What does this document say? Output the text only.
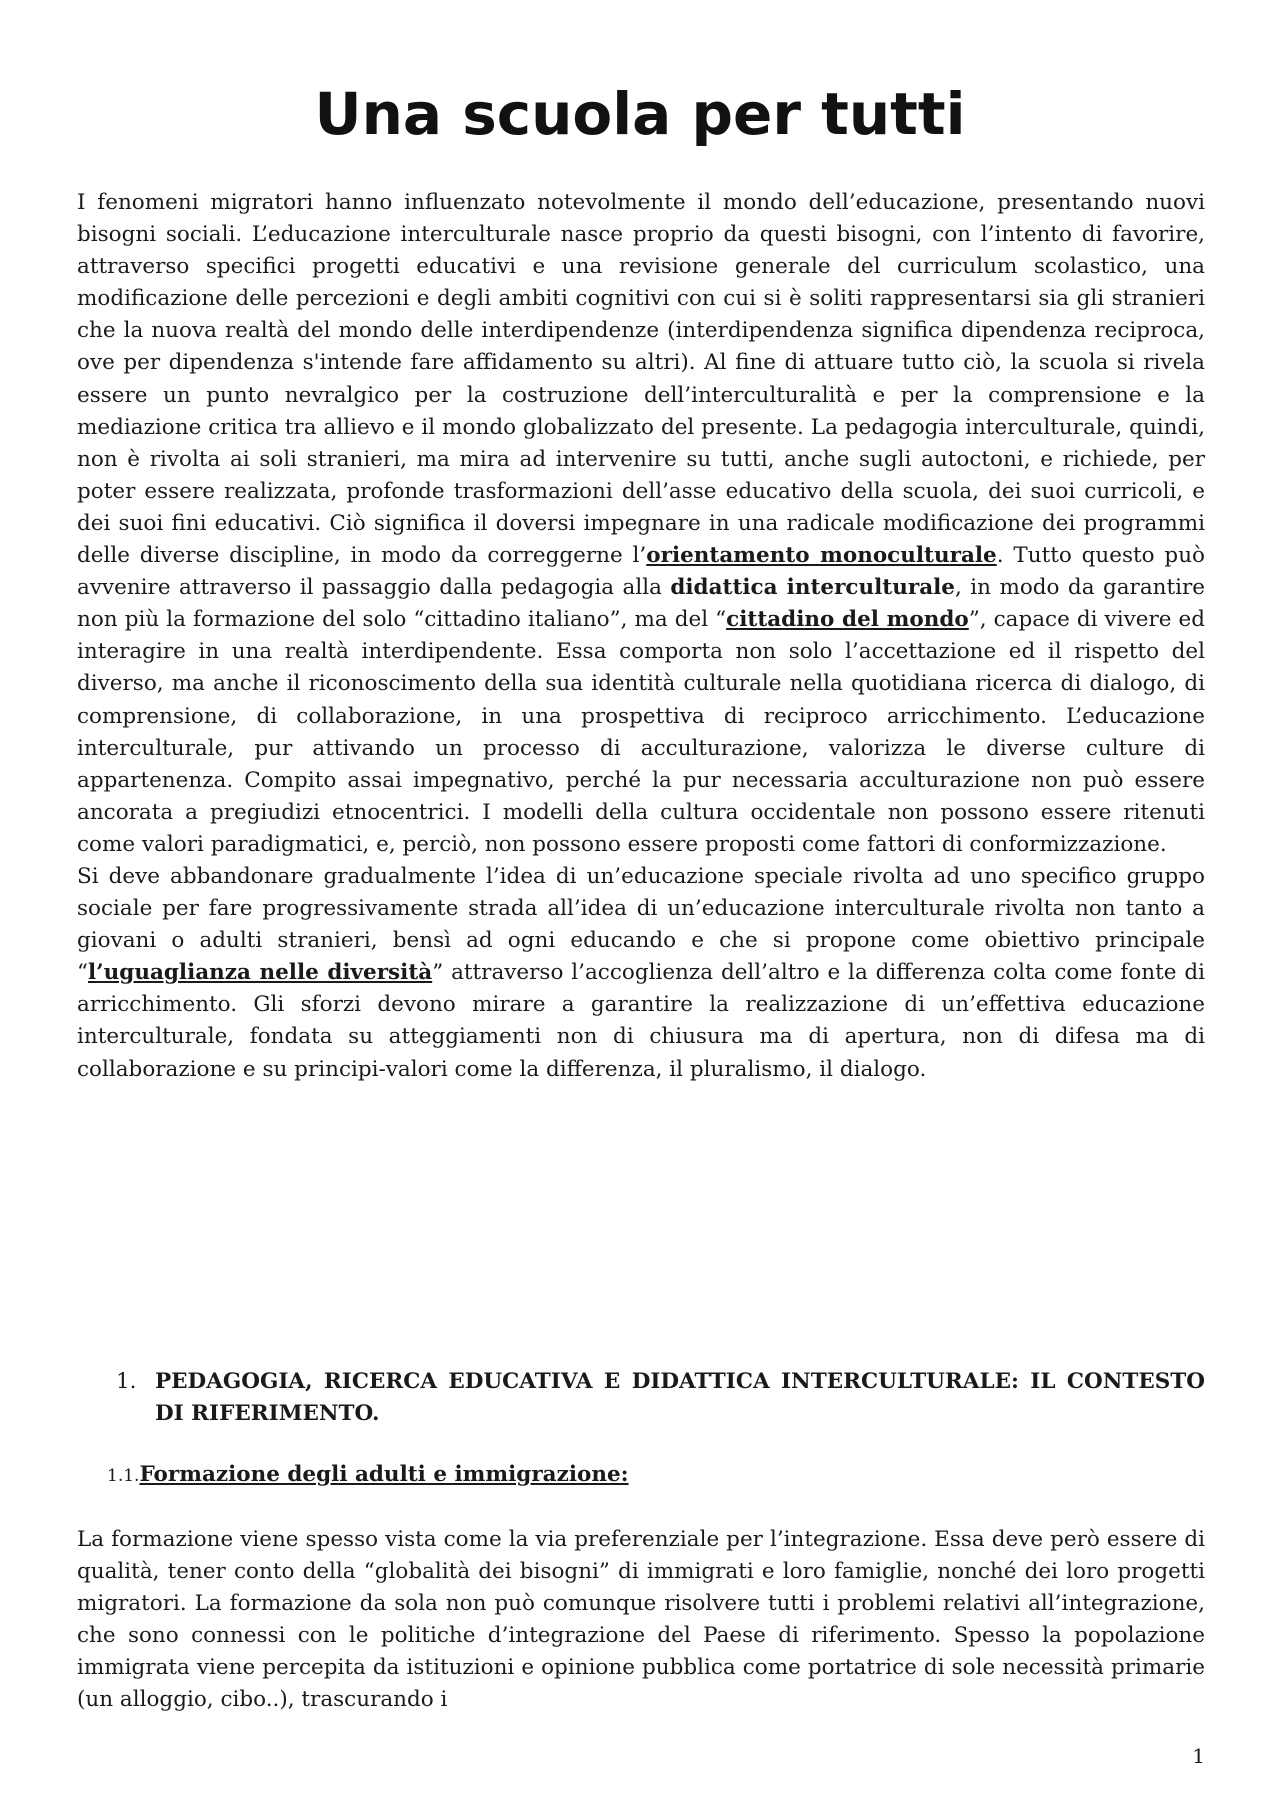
Una scuola per tutti

I fenomeni migratori hanno influenzato notevolmente il mondo dell’educazione, presentando nuovi bisogni sociali. L’educazione interculturale nasce proprio da questi bisogni, con l’intento di favorire, attraverso specifici progetti educativi e una revisione generale del curriculum scolastico, una modificazione delle percezioni e degli ambiti cognitivi con cui si è soliti rappresentarsi sia gli stranieri che la nuova realtà del mondo delle interdipendenze (interdipendenza significa dipendenza reciproca, ove per dipendenza s'intende fare affidamento su altri). Al fine di attuare tutto ciò, la scuola si rivela essere un punto nevralgico per la costruzione dell’interculturalità e per la comprensione e la mediazione critica tra allievo e il mondo globalizzato del presente. La pedagogia interculturale, quindi, non è rivolta ai soli stranieri, ma mira ad intervenire su tutti, anche sugli autoctoni, e richiede, per poter essere realizzata, profonde trasformazioni dell’asse educativo della scuola, dei suoi curricoli, e dei suoi fini educativi. Ciò significa il doversi impegnare in una radicale modificazione dei programmi delle diverse discipline, in modo da correggerne l’orientamento monoculturale. Tutto questo può avvenire attraverso il passaggio dalla pedagogia alla didattica interculturale, in modo da garantire non più la formazione del solo “cittadino italiano”, ma del “cittadino del mondo”, capace di vivere ed interagire in una realtà interdipendente. Essa comporta non solo l’accettazione ed il rispetto del diverso, ma anche il riconoscimento della sua identità culturale nella quotidiana ricerca di dialogo, di comprensione, di collaborazione, in una prospettiva di reciproco arricchimento. L’educazione interculturale, pur attivando un processo di acculturazione, valorizza le diverse culture di appartenenza. Compito assai impegnativo, perché la pur necessaria acculturazione non può essere ancorata a pregiudizi etnocentrici. I modelli della cultura occidentale non possono essere ritenuti come valori paradigmatici, e, perciò, non possono essere proposti come fattori di conformizzazione.

Si deve abbandonare gradualmente l’idea di un’educazione speciale rivolta ad uno specifico gruppo sociale per fare progressivamente strada all’idea di un’educazione interculturale rivolta non tanto a giovani o adulti stranieri, bensì ad ogni educando e che si propone come obiettivo principale “l’uguaglianza nelle diversità” attraverso l’accoglienza dell’altro e la differenza colta come fonte di arricchimento. Gli sforzi devono mirare a garantire la realizzazione di un’effettiva educazione interculturale, fondata su atteggiamenti non di chiusura ma di apertura, non di difesa ma di collaborazione e su principi-valori come la differenza, il pluralismo, il dialogo.

1. PEDAGOGIA, RICERCA EDUCATIVA E DIDATTICA INTERCULTURALE: IL CONTESTO DI RIFERIMENTO.
1.1.Formazione degli adulti e immigrazione:

La formazione viene spesso vista come la via preferenziale per l’integrazione. Essa deve però essere di qualità, tener conto della “globalità dei bisogni” di immigrati e loro famiglie, nonché dei loro progetti migratori. La formazione da sola non può comunque risolvere tutti i problemi relativi all’integrazione, che sono connessi con le politiche d’integrazione del Paese di riferimento. Spesso la popolazione immigrata viene percepita da istituzioni e opinione pubblica come portatrice di sole necessità primarie (un alloggio, cibo..), trascurando i

1
